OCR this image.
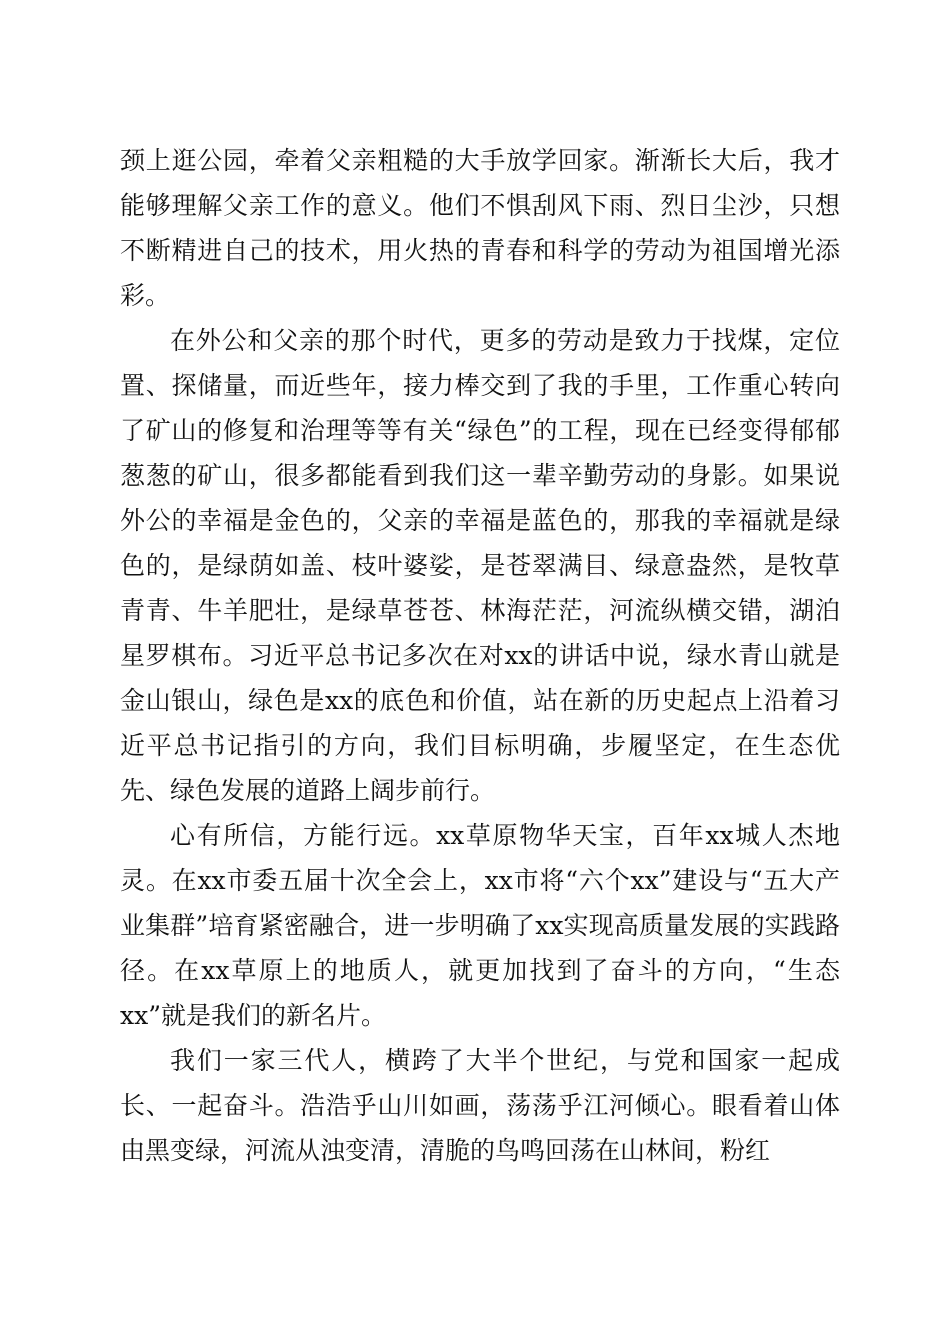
颈上逛公园，牵着父亲粗糙的大手放学回家。渐渐长大后，我才能够理解父亲工作的意义。他们不惧刮风下雨、烈日尘沙，只想不断精进自己的技术，用火热的青春和科学的劳动为祖国增光添彩。

在外公和父亲的那个时代，更多的劳动是致力于找煤，定位置、探储量，而近些年，接力棒交到了我的手里，工作重心转向了矿山的修复和治理等等有关“绿色”的工程，现在已经变得郁郁葱葱的矿山，很多都能看到我们这一辈辛勤劳动的身影。如果说外公的幸福是金色的，父亲的幸福是蓝色的，那我的幸福就是绿色的，是绿荫如盖、枝叶婆娑，是苍翠满目、绿意盎然，是牧草青青、牛羊肥壮，是绿草苍苍、林海茫茫，河流纵横交错，湖泊星罗棋布。习近平总书记多次在对xx的讲话中说，绿水青山就是金山银山，绿色是xx的底色和价值，站在新的历史起点上沿着习近平总书记指引的方向，我们目标明确，步履坚定，在生态优先、绿色发展的道路上阔步前行。

心有所信，方能行远。xx草原物华天宝，百年xx城人杰地灵。在xx市委五届十次全会上，xx市将“六个xx”建设与“五大产业集群”培育紧密融合，进一步明确了xx实现高质量发展的实践路径。在xx草原上的地质人，就更加找到了奋斗的方向，“生态xx”就是我们的新名片。

我们一家三代人，横跨了大半个世纪，与党和国家一起成长、一起奋斗。浩浩乎山川如画，荡荡乎江河倾心。眼看着山体由黑变绿，河流从浊变清，清脆的鸟鸣回荡在山林间，粉红
